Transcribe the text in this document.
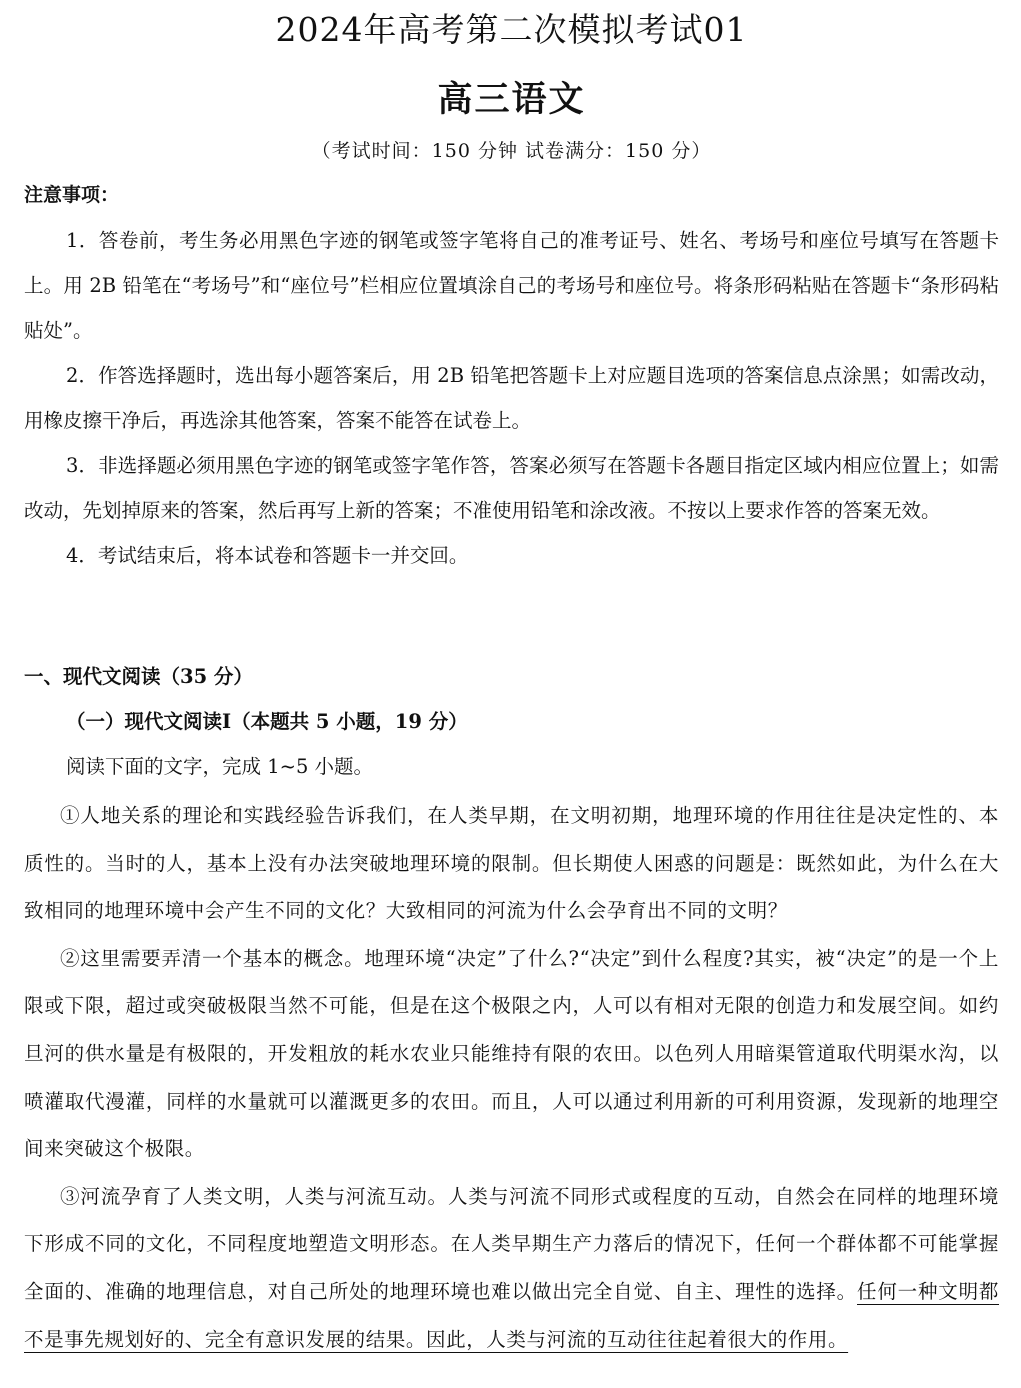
2024年高考第二次模拟考试01
高三语文
（考试时间：150 分钟 试卷满分：150 分）
注意事项：

1．答卷前，考生务必用黑色字迹的钢笔或签字笔将自己的准考证号、姓名、考场号和座位号填写在答题卡上。用 2B 铅笔在“考场号”和“座位号”栏相应位置填涂自己的考场号和座位号。将条形码粘贴在答题卡“条形码粘贴处”。

2．作答选择题时，选出每小题答案后，用 2B 铅笔把答题卡上对应题目选项的答案信息点涂黑；如需改动，用橡皮擦干净后，再选涂其他答案，答案不能答在试卷上。

3．非选择题必须用黑色字迹的钢笔或签字笔作答，答案必须写在答题卡各题目指定区域内相应位置上；如需改动，先划掉原来的答案，然后再写上新的答案；不准使用铅笔和涂改液。不按以上要求作答的答案无效。

4．考试结束后，将本试卷和答题卡一并交回。

一、现代文阅读（35 分）
（一）现代文阅读I（本题共 5 小题，19 分）
阅读下面的文字，完成 1~5 小题。

①人地关系的理论和实践经验告诉我们，在人类早期，在文明初期，地理环境的作用往往是决定性的、本质性的。当时的人，基本上没有办法突破地理环境的限制。但长期使人困惑的问题是：既然如此，为什么在大致相同的地理环境中会产生不同的文化？大致相同的河流为什么会孕育出不同的文明？

②这里需要弄清一个基本的概念。地理环境“决定”了什么?“决定”到什么程度?其实，被“决定”的是一个上限或下限，超过或突破极限当然不可能，但是在这个极限之内，人可以有相对无限的创造力和发展空间。如约旦河的供水量是有极限的，开发粗放的耗水农业只能维持有限的农田。以色列人用暗渠管道取代明渠水沟，以喷灌取代漫灌，同样的水量就可以灌溉更多的农田。而且，人可以通过利用新的可利用资源，发现新的地理空间来突破这个极限。

③河流孕育了人类文明，人类与河流互动。人类与河流不同形式或程度的互动，自然会在同样的地理环境下形成不同的文化，不同程度地塑造文明形态。在人类早期生产力落后的情况下，任何一个群体都不可能掌握全面的、准确的地理信息，对自己所处的地理环境也难以做出完全自觉、自主、理性的选择。任何一种文明都不是事先规划好的、完全有意识发展的结果。因此，人类与河流的互动往往起着很大的作用。
